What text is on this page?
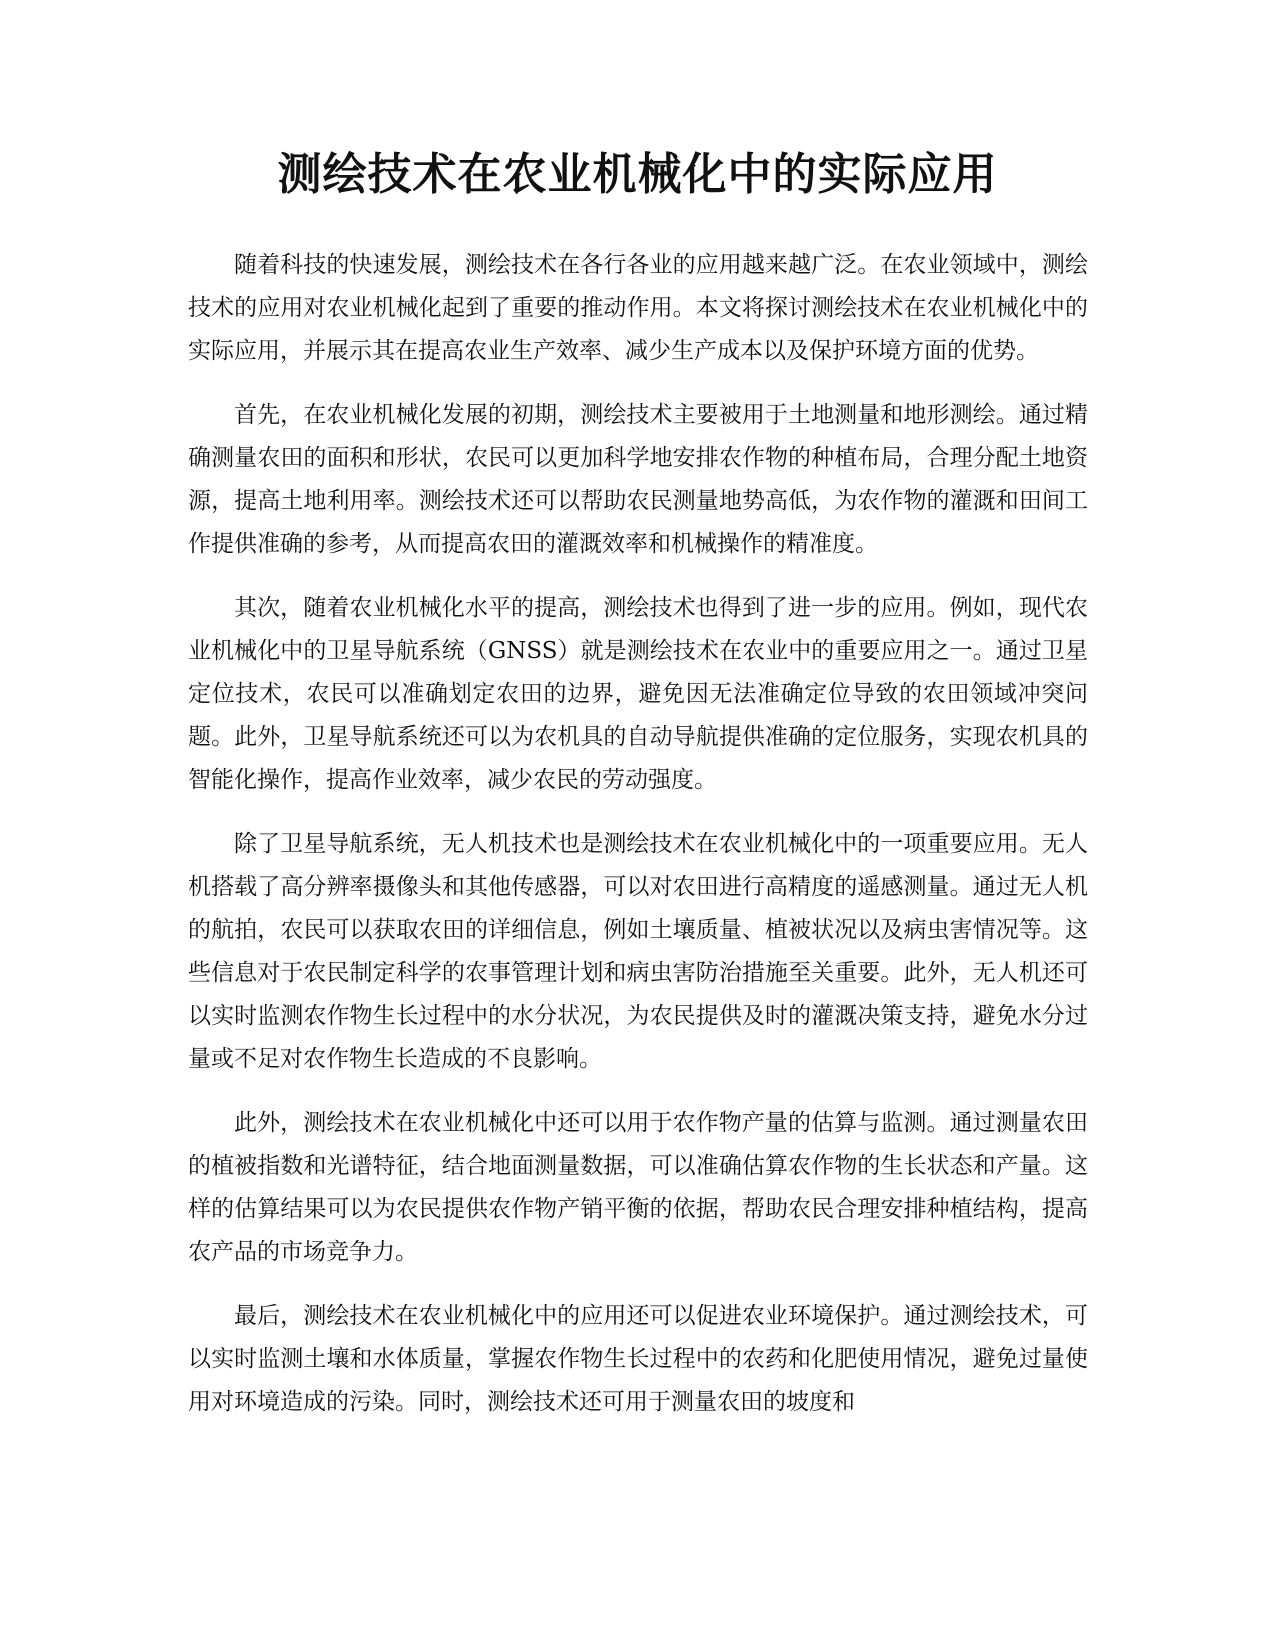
测绘技术在农业机械化中的实际应用

随着科技的快速发展，测绘技术在各行各业的应用越来越广泛。在农业领域中，测绘技术的应用对农业机械化起到了重要的推动作用。本文将探讨测绘技术在农业机械化中的实际应用，并展示其在提高农业生产效率、减少生产成本以及保护环境方面的优势。

首先，在农业机械化发展的初期，测绘技术主要被用于土地测量和地形测绘。通过精确测量农田的面积和形状，农民可以更加科学地安排农作物的种植布局，合理分配土地资源，提高土地利用率。测绘技术还可以帮助农民测量地势高低，为农作物的灌溉和田间工作提供准确的参考，从而提高农田的灌溉效率和机械操作的精准度。

其次，随着农业机械化水平的提高，测绘技术也得到了进一步的应用。例如，现代农业机械化中的卫星导航系统（GNSS）就是测绘技术在农业中的重要应用之一。通过卫星定位技术，农民可以准确划定农田的边界，避免因无法准确定位导致的农田领域冲突问题。此外，卫星导航系统还可以为农机具的自动导航提供准确的定位服务，实现农机具的智能化操作，提高作业效率，减少农民的劳动强度。

除了卫星导航系统，无人机技术也是测绘技术在农业机械化中的一项重要应用。无人机搭载了高分辨率摄像头和其他传感器，可以对农田进行高精度的遥感测量。通过无人机的航拍，农民可以获取农田的详细信息，例如土壤质量、植被状况以及病虫害情况等。这些信息对于农民制定科学的农事管理计划和病虫害防治措施至关重要。此外，无人机还可以实时监测农作物生长过程中的水分状况，为农民提供及时的灌溉决策支持，避免水分过量或不足对农作物生长造成的不良影响。

此外，测绘技术在农业机械化中还可以用于农作物产量的估算与监测。通过测量农田的植被指数和光谱特征，结合地面测量数据，可以准确估算农作物的生长状态和产量。这样的估算结果可以为农民提供农作物产销平衡的依据，帮助农民合理安排种植结构，提高农产品的市场竞争力。

最后，测绘技术在农业机械化中的应用还可以促进农业环境保护。通过测绘技术，可以实时监测土壤和水体质量，掌握农作物生长过程中的农药和化肥使用情况，避免过量使用对环境造成的污染。同时，测绘技术还可用于测量农田的坡度和
